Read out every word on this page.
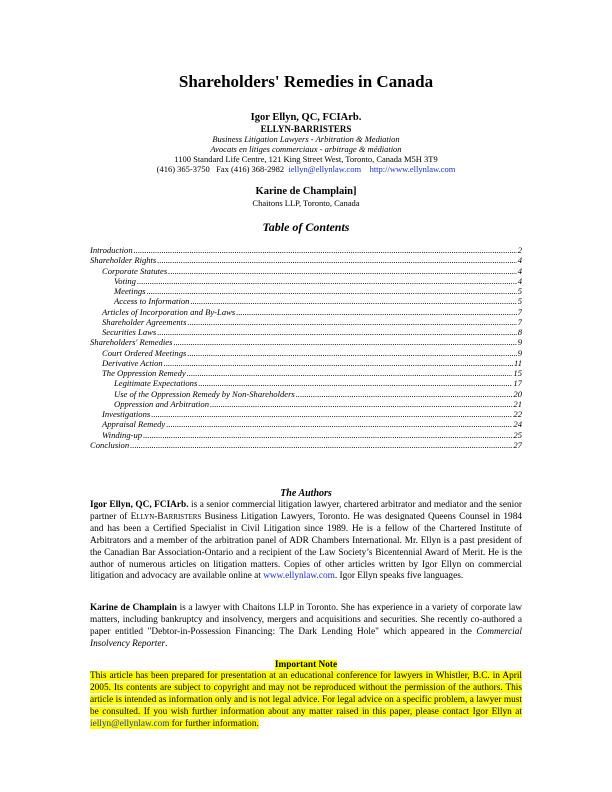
Shareholders' Remedies in Canada
Igor Ellyn, QC, FCIArb.
ELLYN-BARRISTERS
Business Litigation Lawyers - Arbitration & Mediation
Avocats en litiges commerciaux - arbitrage & médiation
1100 Standard Life Centre, 121 King Street West, Toronto, Canada M5H 3T9
(416) 365-3750 Fax (416) 368-2982 iellyn@ellynlaw.com http://www.ellynlaw.com
Karine de Champlain]
Chaitons LLP, Toronto, Canada
Table of Contents
Introduction .....	2
Shareholder Rights .....	4
Corporate Statutes .....	4
Voting .....	4
Meetings .....	5
Access to Information .....	5
Articles of Incorporation and By-Laws .....	7
Shareholder Agreements .....	7
Securities Laws .....	8
Shareholders' Remedies .....	9
Court Ordered Meetings .....	9
Derivative Action .....	11
The Oppression Remedy .....	15
Legitimate Expectations .....	17
Use of the Oppression Remedy by Non-Shareholders .....	20
Oppression and Arbitration .....	21
Investigations .....	22
Appraisal Remedy .....	24
Winding-up .....	25
Conclusion .....	27
The Authors
Igor Ellyn, QC, FCIArb. is a senior commercial litigation lawyer, chartered arbitrator and mediator and the senior partner of Ellyn-Barristers Business Litigation Lawyers, Toronto. He was designated Queens Counsel in 1984 and has been a Certified Specialist in Civil Litigation since 1989. He is a fellow of the Chartered Institute of Arbitrators and a member of the arbitration panel of ADR Chambers International. Mr. Ellyn is a past president of the Canadian Bar Association-Ontario and a recipient of the Law Society’s Bicentennial Award of Merit. He is the author of numerous articles on litigation matters. Copies of other articles written by Igor Ellyn on commercial litigation and advocacy are available online at www.ellynlaw.com. Igor Ellyn speaks five languages.
Karine de Champlain is a lawyer with Chaitons LLP in Toronto. She has experience in a variety of corporate law matters, including bankruptcy and insolvency, mergers and acquisitions and securities. She recently co-authored a paper entitled "Debtor-in-Possession Financing: The Dark Lending Hole" which appeared in the Commercial Insolvency Reporter.
Important Note
This article has been prepared for presentation at an educational conference for lawyers in Whistler, B.C. in April 2005. Its contents are subject to copyright and may not be reproduced without the permission of the authors. This article is intended as information only and is not legal advice. For legal advice on a specific problem, a lawyer must be consulted. If you wish further information about any matter raised in this paper, please contact Igor Ellyn at iellyn@ellynlaw.com for further information.
